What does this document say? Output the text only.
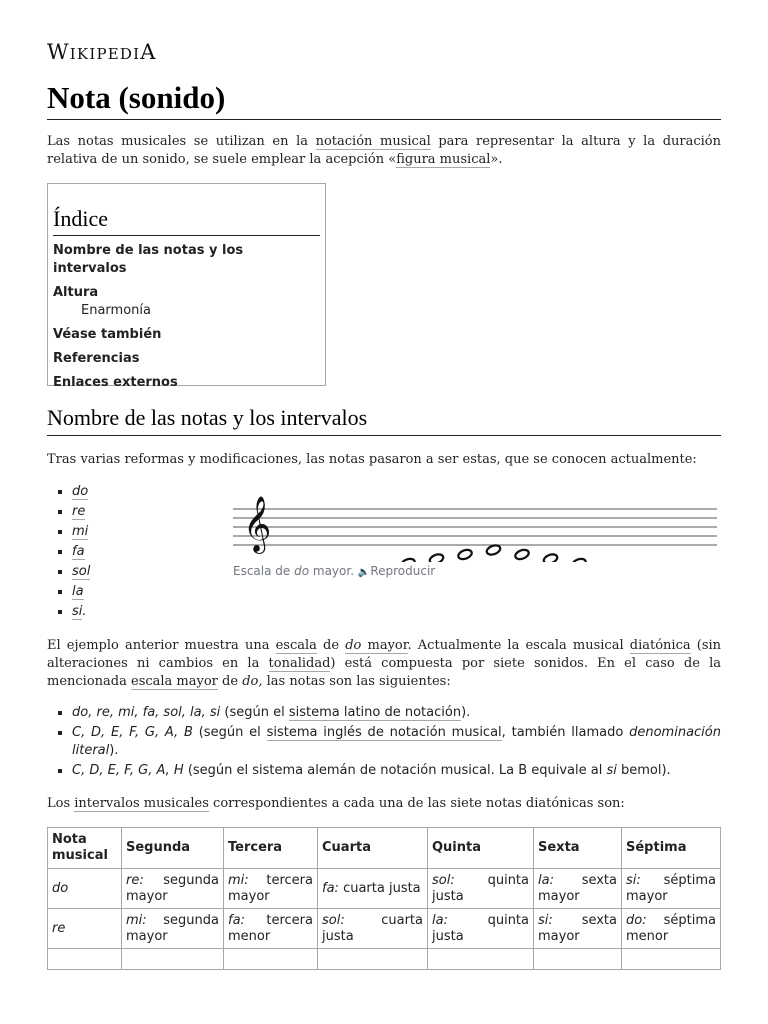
WIKIPEDIA
Nota (sonido)

Las notas musicales se utilizan en la notación musical para representar la altura y la duración relativa de un sonido, se suele emplear la acepción «figura musical».

Índice
Nombre de las notas y los intervalos
Altura
Enarmonía
Véase también
Referencias
Enlaces externos
Nombre de las notas y los intervalos

Tras varias reformas y modificaciones, las notas pasaron a ser estas, que se conocen actualmente:

▪ do
▪ re
▪ mi
▪ fa
▪ sol
▪ la
▪ si.
𝄞
Escala de do mayor. 🔈Reproducir

El ejemplo anterior muestra una escala de do mayor. Actualmente la escala musical diatónica (sin alteraciones ni cambios en la tonalidad) está compuesta por siete sonidos. En el caso de la mencionada escala mayor de do, las notas son las siguientes:

▪ do, re, mi, fa, sol, la, si (según el sistema latino de notación).
▪ C, D, E, F, G, A, B (según el sistema inglés de notación musical, también llamado denominación literal).
▪ C, D, E, F, G, A, H (según el sistema alemán de notación musical. La B equivale al si bemol).

Los intervalos musicales correspondientes a cada una de las siete notas diatónicas son:

Nota musical	Segunda	Tercera	Cuarta	Quinta	Sexta	Séptima
do	re: segunda mayor	mi: tercera mayor	fa: cuarta justa	sol: quinta justa	la: sexta mayor	si: séptima mayor
re	mi: segunda mayor	fa: tercera menor	sol: cuarta justa	la: quinta justa	si: sexta mayor	do: séptima menor
